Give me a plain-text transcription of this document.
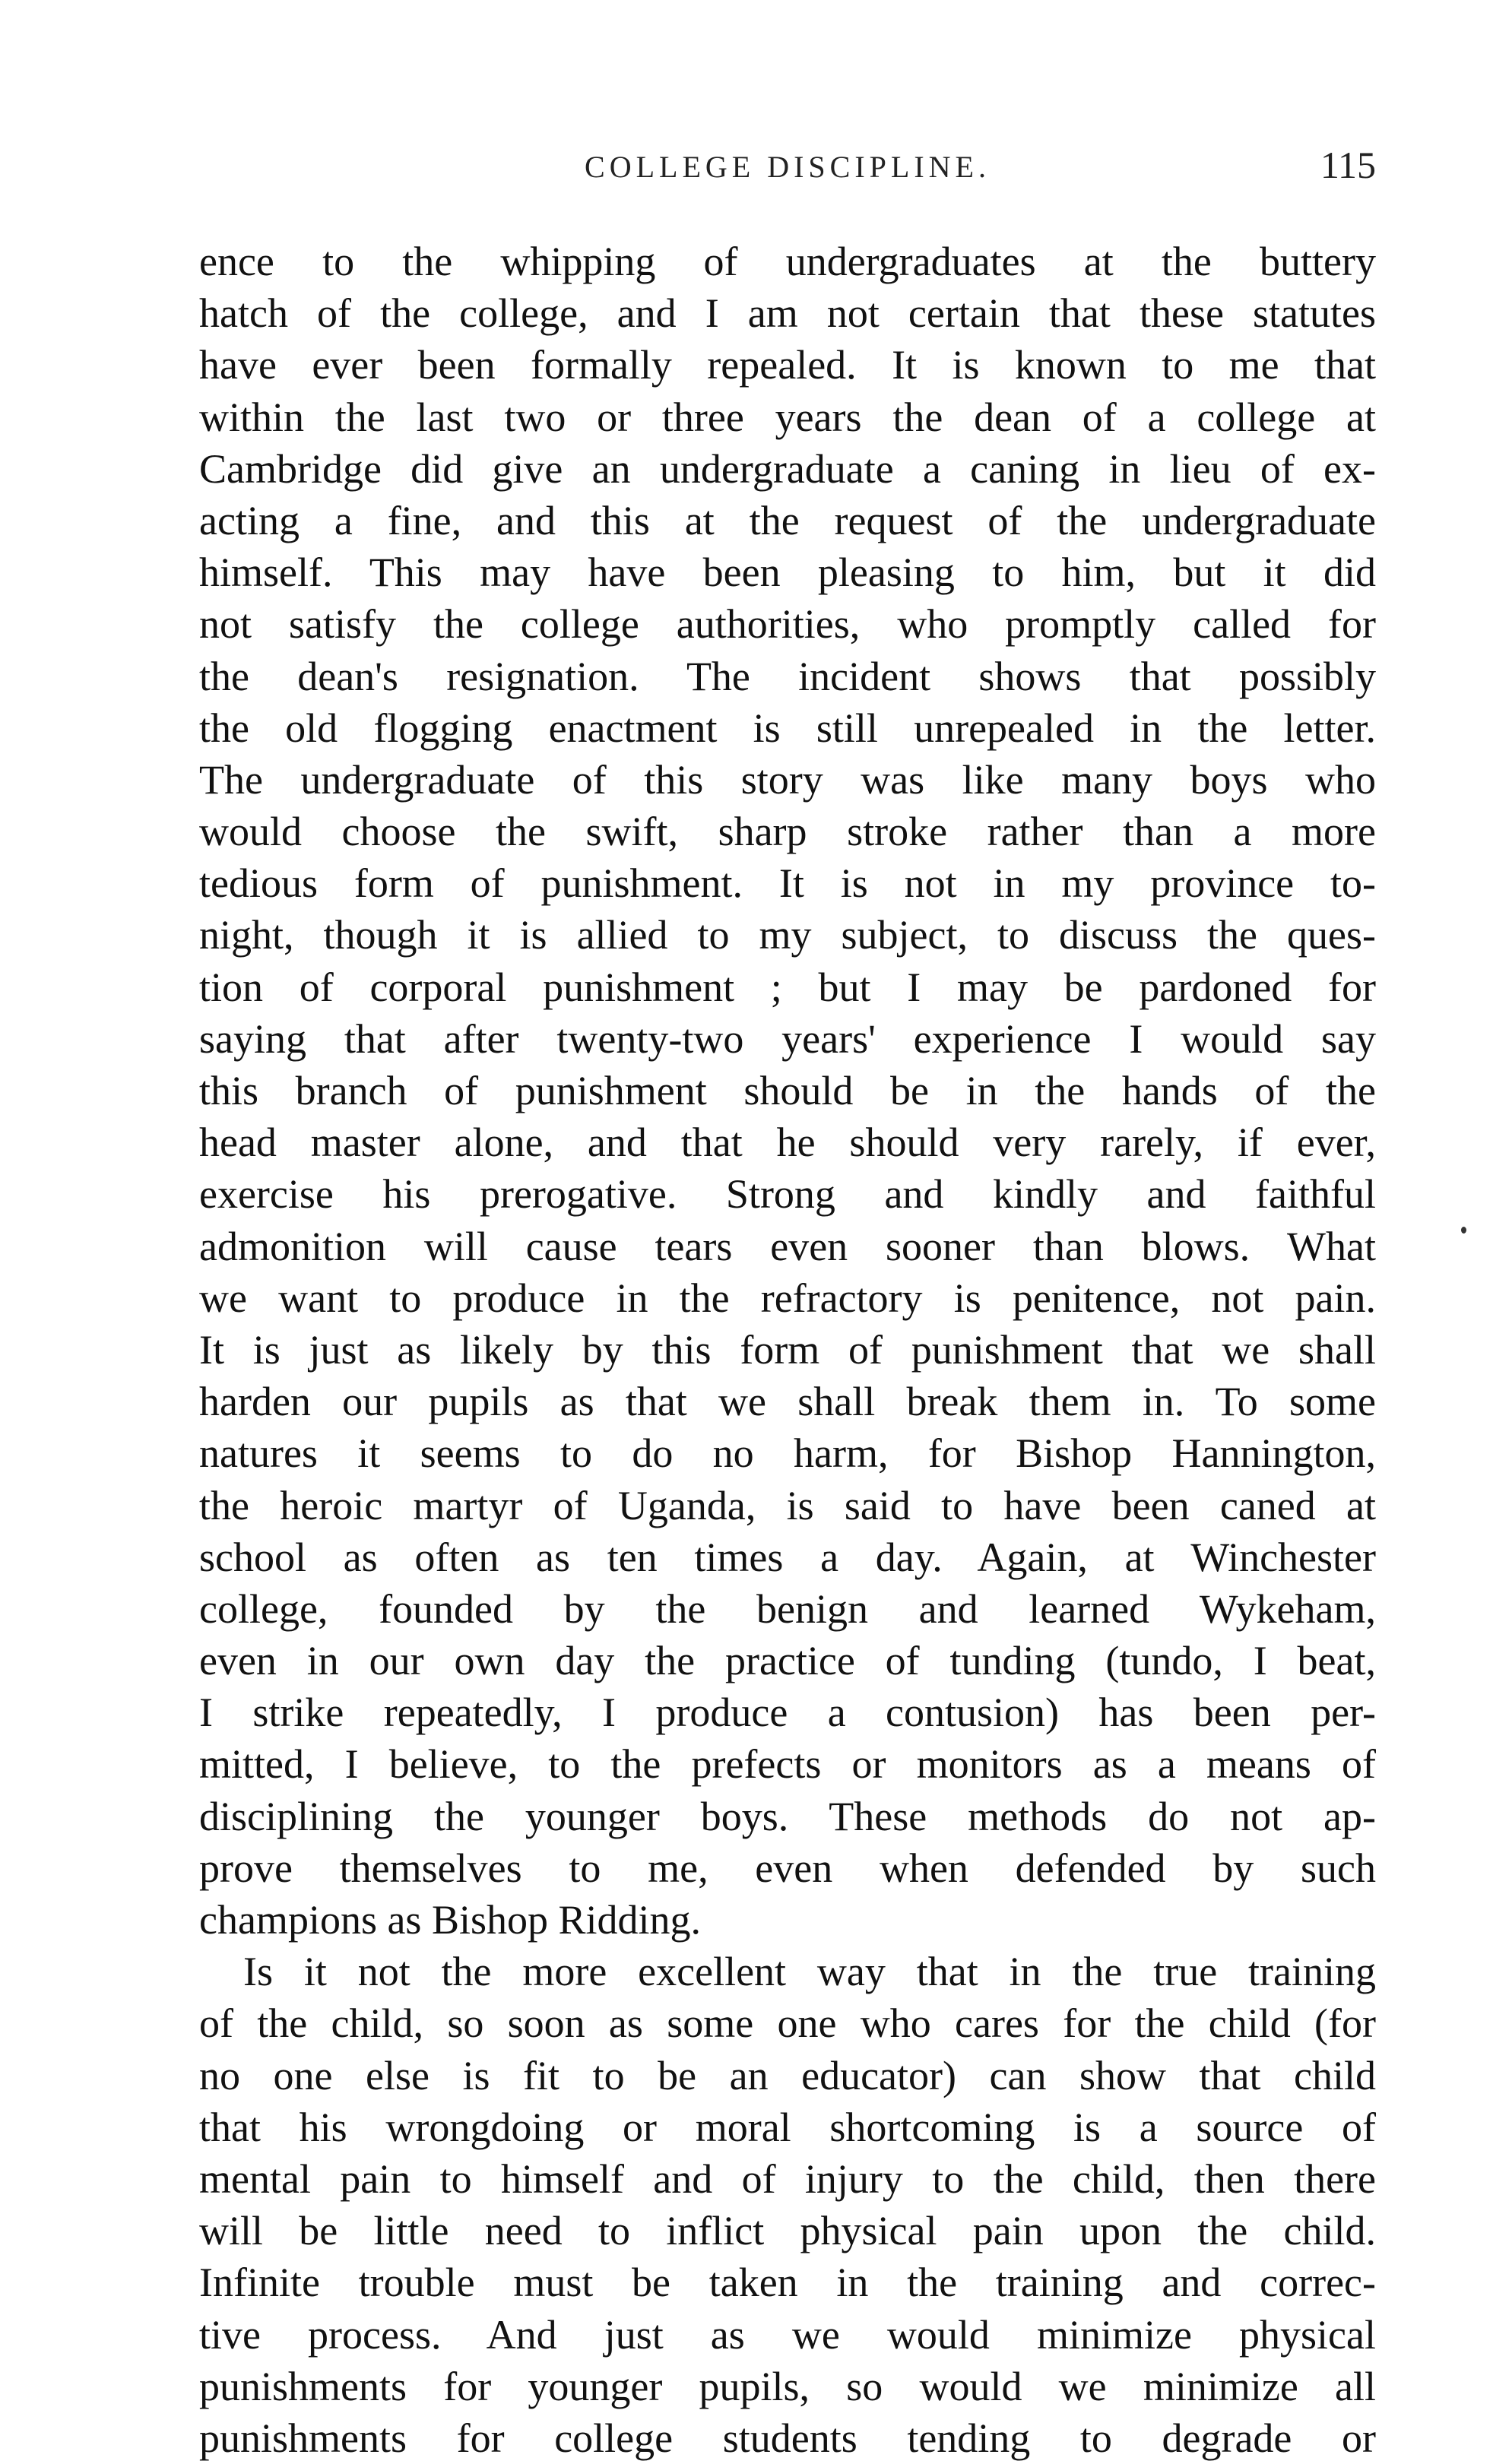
COLLEGE DISCIPLINE.	115
ence to the whipping of undergraduates at the buttery
hatch of the college, and I am not certain that these statutes
have ever been formally repealed. It is known to me that
within the last two or three years the dean of a college at
Cambridge did give an undergraduate a caning in lieu of ex-
acting a fine, and this at the request of the undergraduate
himself. This may have been pleasing to him, but it did
not satisfy the college authorities, who promptly called for
the dean's resignation. The incident shows that possibly
the old flogging enactment is still unrepealed in the letter.
The undergraduate of this story was like many boys who
would choose the swift, sharp stroke rather than a more
tedious form of punishment. It is not in my province to-
night, though it is allied to my subject, to discuss the ques-
tion of corporal punishment ; but I may be pardoned for
saying that after twenty-two years' experience I would say
this branch of punishment should be in the hands of the
head master alone, and that he should very rarely, if ever,
exercise his prerogative. Strong and kindly and faithful
admonition will cause tears even sooner than blows. What
we want to produce in the refractory is penitence, not pain.
It is just as likely by this form of punishment that we shall
harden our pupils as that we shall break them in. To some
natures it seems to do no harm, for Bishop Hannington,
the heroic martyr of Uganda, is said to have been caned at
school as often as ten times a day. Again, at Winchester
college, founded by the benign and learned Wykeham,
even in our own day the practice of tunding (tundo, I beat,
I strike repeatedly, I produce a contusion) has been per-
mitted, I believe, to the prefects or monitors as a means of
disciplining the younger boys. These methods do not ap-
prove themselves to me, even when defended by such
champions as Bishop Ridding.
Is it not the more excellent way that in the true training
of the child, so soon as some one who cares for the child (for
no one else is fit to be an educator) can show that child
that his wrongdoing or moral shortcoming is a source of
mental pain to himself and of injury to the child, then there
will be little need to inflict physical pain upon the child.
Infinite trouble must be taken in the training and correc-
tive process. And just as we would minimize physical
punishments for younger pupils, so would we minimize all
punishments for college students tending to degrade or
